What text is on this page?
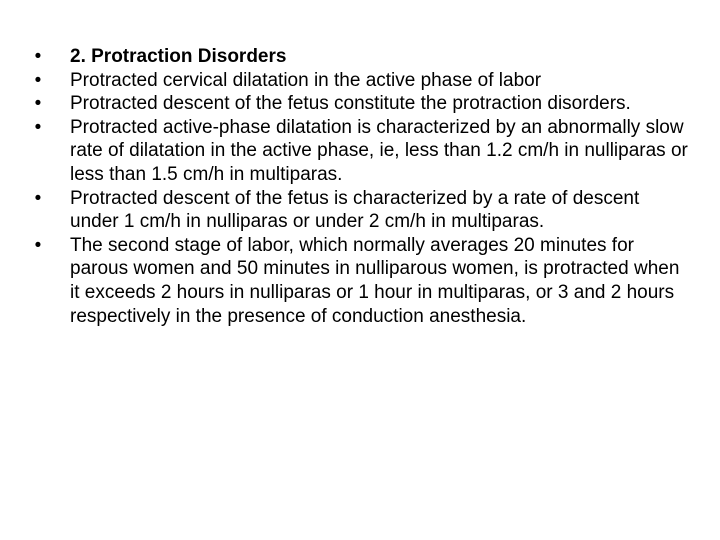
•	2. Protraction Disorders
•	Protracted cervical dilatation in the active phase of labor
•	Protracted descent of the fetus constitute the protraction disorders.
•	Protracted active-phase dilatation is characterized by an abnormally slow rate of dilatation in the active phase, ie, less than 1.2 cm/h in nulliparas or less than 1.5 cm/h in multiparas.
•	Protracted descent of the fetus is characterized by a rate of descent under 1 cm/h in nulliparas or under 2 cm/h in multiparas.
•	The second stage of labor, which normally averages 20 minutes for parous women and 50 minutes in nulliparous women, is protracted when it exceeds 2 hours in nulliparas or 1 hour in multiparas, or 3 and 2 hours respectively in the presence of conduction anesthesia.
